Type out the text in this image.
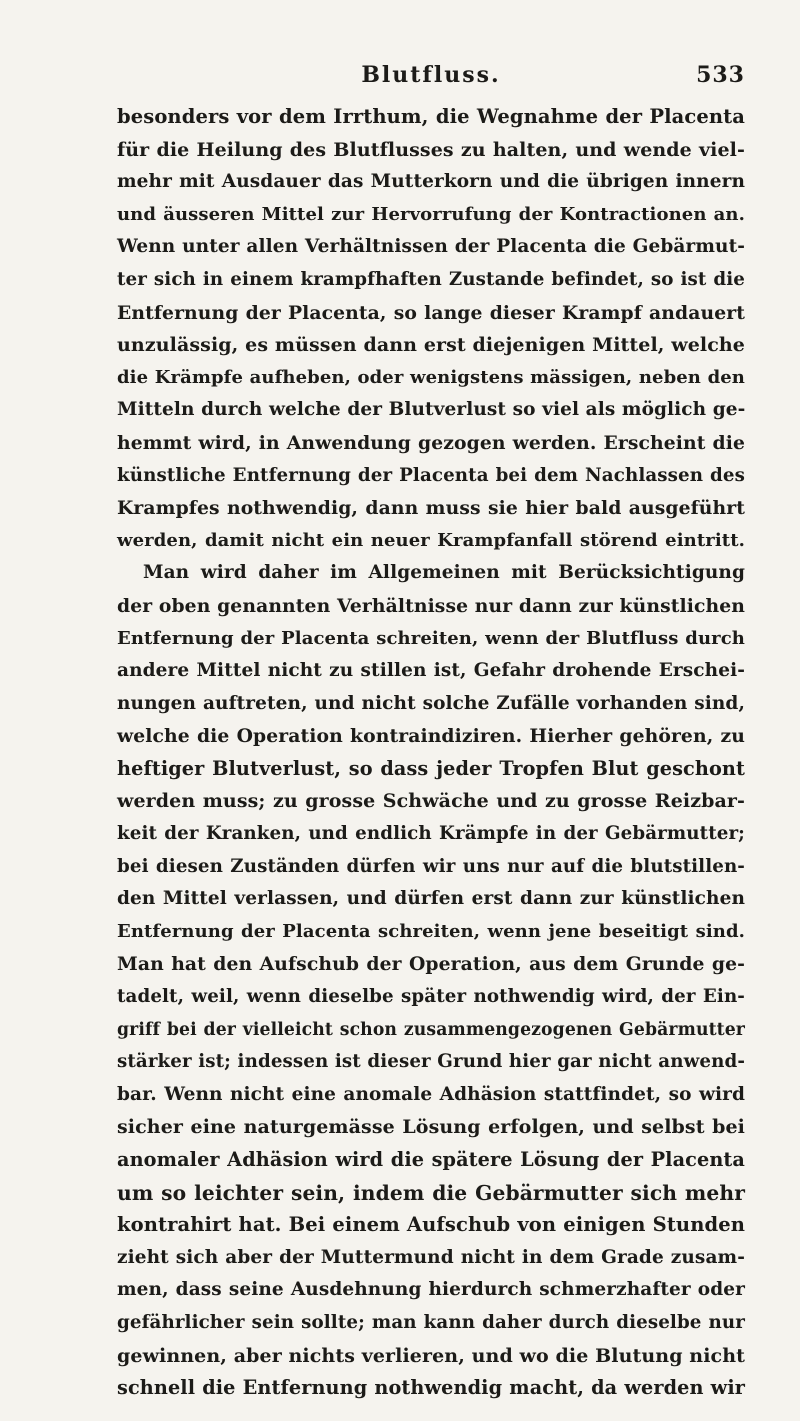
Blutfluss.	533
besonders vor dem Irrthum, die Wegnahme der Placenta
für die Heilung des Blutflusses zu halten, und wende viel-
mehr mit Ausdauer das Mutterkorn und die übrigen innern
und äusseren Mittel zur Hervorrufung der Kontractionen an.
Wenn unter allen Verhältnissen der Placenta die Gebärmut-
ter sich in einem krampfhaften Zustande befindet, so ist die
Entfernung der Placenta, so lange dieser Krampf andauert
unzulässig, es müssen dann erst diejenigen Mittel, welche
die Krämpfe aufheben, oder wenigstens mässigen, neben den
Mitteln durch welche der Blutverlust so viel als möglich ge-
hemmt wird, in Anwendung gezogen werden. Erscheint die
künstliche Entfernung der Placenta bei dem Nachlassen des
Krampfes nothwendig, dann muss sie hier bald ausgeführt
werden, damit nicht ein neuer Krampfanfall störend eintritt.
Man wird daher im Allgemeinen mit Berücksichtigung
der oben genannten Verhältnisse nur dann zur künstlichen
Entfernung der Placenta schreiten, wenn der Blutfluss durch
andere Mittel nicht zu stillen ist, Gefahr drohende Erschei-
nungen auftreten, und nicht solche Zufälle vorhanden sind,
welche die Operation kontraindiziren. Hierher gehören, zu
heftiger Blutverlust, so dass jeder Tropfen Blut geschont
werden muss; zu grosse Schwäche und zu grosse Reizbar-
keit der Kranken, und endlich Krämpfe in der Gebärmutter;
bei diesen Zuständen dürfen wir uns nur auf die blutstillen-
den Mittel verlassen, und dürfen erst dann zur künstlichen
Entfernung der Placenta schreiten, wenn jene beseitigt sind.
Man hat den Aufschub der Operation, aus dem Grunde ge-
tadelt, weil, wenn dieselbe später nothwendig wird, der Ein-
griff bei der vielleicht schon zusammengezogenen Gebärmutter
stärker ist; indessen ist dieser Grund hier gar nicht anwend-
bar. Wenn nicht eine anomale Adhäsion stattfindet, so wird
sicher eine naturgemässe Lösung erfolgen, und selbst bei
anomaler Adhäsion wird die spätere Lösung der Placenta
um so leichter sein, indem die Gebärmutter sich mehr
kontrahirt hat. Bei einem Aufschub von einigen Stunden
zieht sich aber der Muttermund nicht in dem Grade zusam-
men, dass seine Ausdehnung hierdurch schmerzhafter oder
gefährlicher sein sollte; man kann daher durch dieselbe nur
gewinnen, aber nichts verlieren, und wo die Blutung nicht
schnell die Entfernung nothwendig macht, da werden wir
